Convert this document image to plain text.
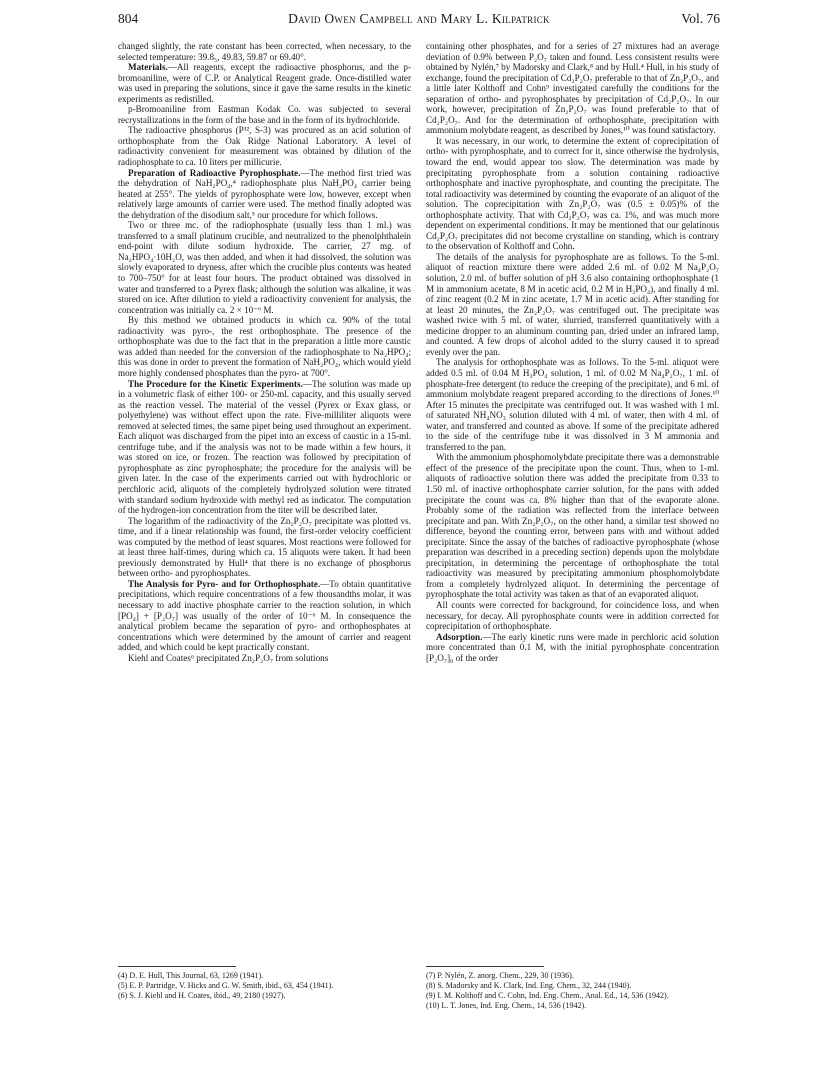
804	David Owen Campbell and Mary L. Kilpatrick	Vol. 76

changed slightly, the rate constant has been corrected, when necessary, to the selected temperature: 39.8₅, 49.83, 59.87 or 69.40°.

Materials.—All reagents, except the radioactive phosphorus, and the p-bromoaniline, were of C.P. or Analytical Reagent grade. Once-distilled water was used in preparing the solutions, since it gave the same results in the kinetic experiments as redistilled.

p-Bromoaniline from Eastman Kodak Co. was subjected to several recrystallizations in the form of the base and in the form of its hydrochloride.

The radioactive phosphorus (P³², S-3) was procured as an acid solution of orthophosphate from the Oak Ridge National Laboratory. A level of radioactivity convenient for measurement was obtained by dilution of the radiophosphate to ca. 10 liters per millicurie.

Preparation of Radioactive Pyrophosphate.—The method first tried was the dehydration of NaH₂PO₄,⁴ radiophosphate plus NaH₂PO₄ carrier being heated at 255°. The yields of pyrophosphate were low, however, except when relatively large amounts of carrier were used. The method finally adopted was the dehydration of the disodium salt,⁵ our procedure for which follows.

Two or three mc. of the radiophosphate (usually less than 1 ml.) was transferred to a small platinum crucible, and neutralized to the phenolphthalein end-point with dilute sodium hydroxide. The carrier, 27 mg. of Na₂HPO₄·10H₂O, was then added, and when it had dissolved, the solution was slowly evaporated to dryness, after which the crucible plus contents was heated to 700–750° for at least four hours. The product obtained was dissolved in water and transferred to a Pyrex flask; although the solution was alkaline, it was stored on ice. After dilution to yield a radioactivity convenient for analysis, the concentration was initially ca. 2 × 10⁻⁶ M.

By this method we obtained products in which ca. 90% of the total radioactivity was pyro-, the rest orthophosphate. The presence of the orthophosphate was due to the fact that in the preparation a little more caustic was added than needed for the conversion of the radiophosphate to Na₂HPO₄; this was done in order to prevent the formation of NaH₂PO₄, which would yield more highly condensed phosphates than the pyro- at 700°.

The Procedure for the Kinetic Experiments.—The solution was made up in a volumetric flask of either 100- or 250-ml. capacity, and this usually served as the reaction vessel. The material of the vessel (Pyrex or Exax glass, or polyethylene) was without effect upon the rate. Five-milliliter aliquots were removed at selected times, the same pipet being used throughout an experiment. Each aliquot was discharged from the pipet into an excess of caustic in a 15-ml. centrifuge tube, and if the analysis was not to be made within a few hours, it was stored on ice, or frozen. The reaction was followed by precipitation of pyrophosphate as zinc pyrophosphate; the procedure for the analysis will be given later. In the case of the experiments carried out with hydrochloric or perchloric acid, aliquots of the completely hydrolyzed solution were titrated with standard sodium hydroxide with methyl red as indicator. The computation of the hydrogen-ion concentration from the titer will be described later.

The logarithm of the radioactivity of the Zn₂P₂O₇ precipitate was plotted vs. time, and if a linear relationship was found, the first-order velocity coefficient was computed by the method of least squares. Most reactions were followed for at least three half-times, during which ca. 15 aliquots were taken. It had been previously demonstrated by Hull⁴ that there is no exchange of phosphorus between ortho- and pyrophosphates.

The Analysis for Pyro- and for Orthophosphate.—To obtain quantitative precipitations, which require concentrations of a few thousandths molar, it was necessary to add inactive phosphate carrier to the reaction solution, in which [PO₄] + [P₂O₇] was usually of the order of 10⁻⁶ M. In consequence the analytical problem became the separation of pyro- and orthophosphates at concentrations which were determined by the amount of carrier and reagent added, and which could be kept practically constant.

Kiehl and Coates⁶ precipitated Zn₂P₂O₇ from solutions

containing other phosphates, and for a series of 27 mixtures had an average deviation of 0.9% between P₂O₇ taken and found. Less consistent results were obtained by Nylén,⁷ by Madorsky and Clark,⁸ and by Hull.⁴ Hull, in his study of exchange, found the precipitation of Cd₂P₂O₇ preferable to that of Zn₂P₂O₇, and a little later Kolthoff and Cohn⁹ investigated carefully the conditions for the separation of ortho- and pyrophosphates by precipitation of Cd₂P₂O₇. In our work, however, precipitation of Zn₂P₂O₇ was found preferable to that of Cd₂P₂O₇. And for the determination of orthophosphate, precipitation with ammonium molybdate reagent, as described by Jones,¹⁰ was found satisfactory.

It was necessary, in our work, to determine the extent of coprecipitation of ortho- with pyrophosphate, and to correct for it, since otherwise the hydrolysis, toward the end, would appear too slow. The determination was made by precipitating pyrophosphate from a solution containing radioactive orthophosphate and inactive pyrophosphate, and counting the precipitate. The total radioactivity was determined by counting the evaporate of an aliquot of the solution. The coprecipitation with Zn₂P₂O₇ was (0.5 ± 0.05)% of the orthophosphate activity. That with Cd₂P₂O₇ was ca. 1%, and was much more dependent on experimental conditions. It may be mentioned that our gelatinous Cd₂P₂O₇ precipitates did not become crystalline on standing, which is contrary to the observation of Kolthoff and Cohn.

The details of the analysis for pyrophosphate are as follows. To the 5-ml. aliquot of reaction mixture there were added 2.6 ml. of 0.02 M Na₄P₂O₇ solution, 2.0 ml. of buffer solution of pH 3.6 also containing orthophosphate (1 M in ammonium acetate, 8 M in acetic acid, 0.2 M in H₃PO₄), and finally 4 ml. of zinc reagent (0.2 M in zinc acetate, 1.7 M in acetic acid). After standing for at least 20 minutes, the Zn₂P₂O₇ was centrifuged out. The precipitate was washed twice with 5 ml. of water, slurried, transferred quantitatively with a medicine dropper to an aluminum counting pan, dried under an infrared lamp, and counted. A few drops of alcohol added to the slurry caused it to spread evenly over the pan.

The analysis for orthophosphate was as follows. To the 5-ml. aliquot were added 0.5 ml. of 0.04 M H₃PO₄ solution, 1 ml. of 0.02 M Na₄P₂O₇, 1 ml. of phosphate-free detergent (to reduce the creeping of the precipitate), and 6 ml. of ammonium molybdate reagent prepared according to the directions of Jones.¹⁰ After 15 minutes the precipitate was centrifuged out. It was washed with 1 ml. of saturated NH₄NO₃ solution diluted with 4 ml. of water, then with 4 ml. of water, and transferred and counted as above. If some of the precipitate adhered to the side of the centrifuge tube it was dissolved in 3 M ammonia and transferred to the pan.

With the ammonium phosphomolybdate precipitate there was a demonstrable effect of the presence of the precipitate upon the count. Thus, when to 1-ml. aliquots of radioactive solution there was added the precipitate from 0.33 to 1.50 ml. of inactive orthophosphate carrier solution, for the pans with added precipitate the count was ca. 8% higher than that of the evaporate alone. Probably some of the radiation was reflected from the interface between precipitate and pan. With Zn₂P₂O₇, on the other hand, a similar test showed no difference, beyond the counting error, between pans with and without added precipitate. Since the assay of the batches of radioactive pyrophosphate (whose preparation was described in a preceding section) depends upon the molybdate precipitation, in determining the percentage of orthophosphate the total radioactivity was measured by precipitating ammonium phosphomolybdate from a completely hydrolyzed aliquot. In determining the percentage of pyrophosphate the total activity was taken as that of an evaporated aliquot.

All counts were corrected for background, for coincidence loss, and when necessary, for decay. All pyrophosphate counts were in addition corrected for coprecipitation of orthophosphate.

Adsorption.—The early kinetic runs were made in perchloric acid solution more concentrated than 0.1 M, with the initial pyrophosphate concentration [P₂O₇]₀ of the order

(4) D. E. Hull, This Journal, 63, 1269 (1941).

(5) E. P. Partridge, V. Hicks and G. W. Smith, ibid., 63, 454 (1941).

(6) S. J. Kiehl and H. Coates, ibid., 49, 2180 (1927).

(7) P. Nylén, Z. anorg. Chem., 229, 30 (1936).

(8) S. Madorsky and K. Clark, Ind. Eng. Chem., 32, 244 (1940).

(9) I. M. Kolthoff and C. Cohn, Ind. Eng. Chem., Anal. Ed., 14, 536 (1942).

(10) L. T. Jones, Ind. Eng. Chem., 14, 536 (1942).
